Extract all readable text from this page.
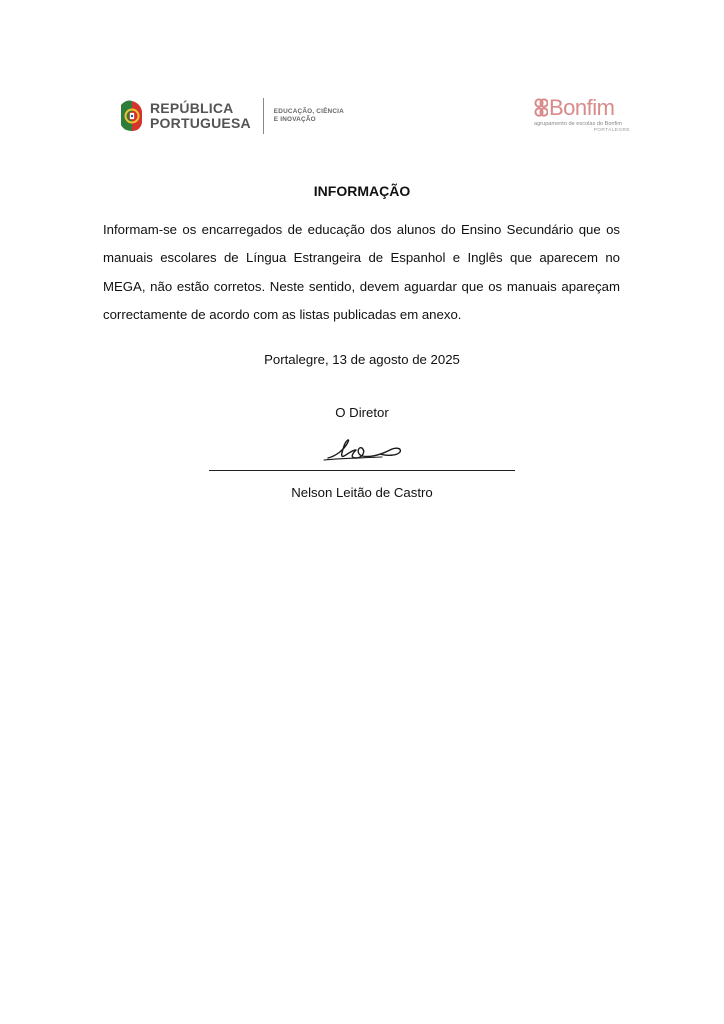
REPÚBLICA
PORTUGUESA
EDUCAÇÃO, CIÊNCIA
E INOVAÇÃO	Bonfim
agrupamento de escolas do Bonfim
PORTALEGRE
INFORMAÇÃO

Informam-se os encarregados de educação dos alunos do Ensino Secundário que os manuais escolares de Língua Estrangeira de Espanhol e Inglês que aparecem no MEGA, não estão corretos. Neste sentido, devem aguardar que os manuais apareçam correctamente de acordo com as listas publicadas em anexo.

Portalegre, 13 de agosto de 2025
O Diretor
Nelson Leitão de Castro
